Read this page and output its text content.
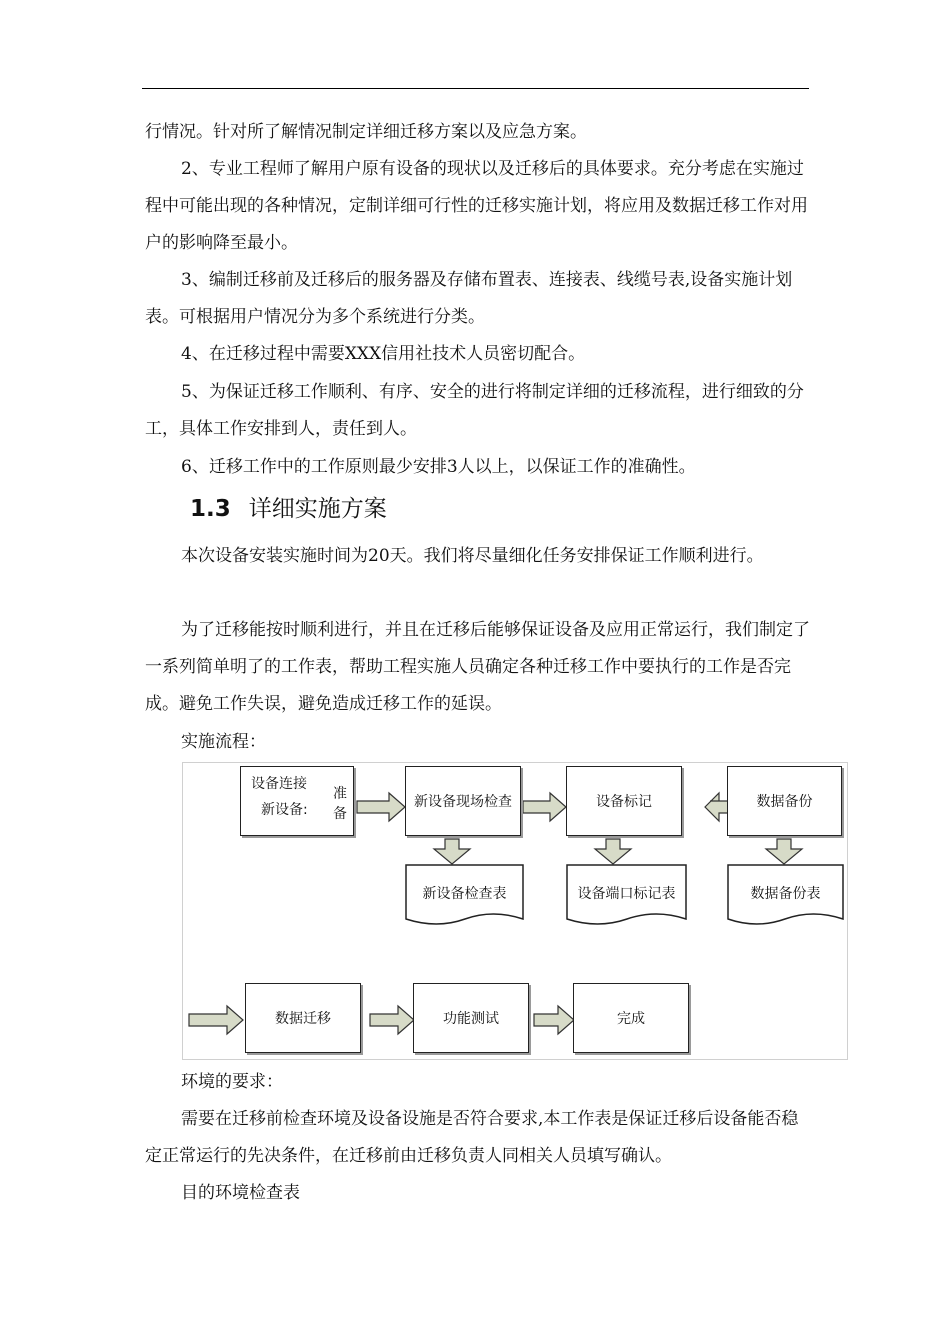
行情况。针对所了解情况制定详细迁移方案以及应急方案。

2、专业工程师了解用户原有设备的现状以及迁移后的具体要求。充分考虑在实施过程中可能出现的各种情况，定制详细可行性的迁移实施计划，将应用及数据迁移工作对用户的影响降至最小。

3、编制迁移前及迁移后的服务器及存储布置表、连接表、线缆号表,设备实施计划表。可根据用户情况分为多个系统进行分类。

4、在迁移过程中需要XXX信用社技术人员密切配合。

5、为保证迁移工作顺利、有序、安全的进行将制定详细的迁移流程，进行细致的分工，具体工作安排到人，责任到人。

6、迁移工作中的工作原则最少安排3人以上，以保证工作的准确性。

1.3 详细实施方案

本次设备安装实施时间为20天。我们将尽量细化任务安排保证工作顺利进行。

为了迁移能按时顺利进行，并且在迁移后能够保证设备及应用正常运行，我们制定了一系列简单明了的工作表，帮助工程实施人员确定各种迁移工作中要执行的工作是否完成。避免工作失误，避免造成迁移工作的延误。

实施流程：

设备连接
新设备:
准备
新设备现场检查	设备标记	数据备份
新设备检查表	设备端口标记表	数据备份表
数据迁移	功能测试	完成

环境的要求：

需要在迁移前检查环境及设备设施是否符合要求,本工作表是保证迁移后设备能否稳定正常运行的先决条件，在迁移前由迁移负责人同相关人员填写确认。

目的环境检查表
